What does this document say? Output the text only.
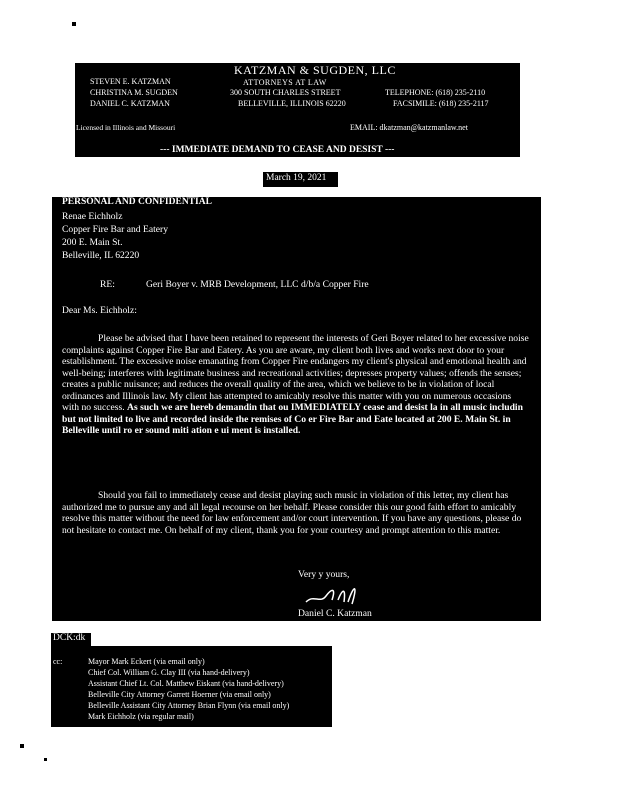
KATZMAN & SUGDEN, LLC
ATTORNEYS AT LAW
STEVEN E. KATZMAN
CHRISTINA M. SUGDEN
DANIEL C. KATZMAN
300 SOUTH CHARLES STREET
BELLEVILLE, ILLINOIS 62220
TELEPHONE: (618) 235-2110
FACSIMILE: (618) 235-2117
Licensed in Illinois and Missouri	EMAIL: dkatzman@katzmanlaw.net
--- IMMEDIATE DEMAND TO CEASE AND DESIST ---
March 19, 2021
PERSONAL AND CONFIDENTIAL
Renae Eichholz
Copper Fire Bar and Eatery
200 E. Main St.
Belleville, IL 62220
RE:	Geri Boyer v. MRB Development, LLC d/b/a Copper Fire
Dear Ms. Eichholz:

Please be advised that I have been retained to represent the interests of Geri Boyer related to her excessive noise complaints against Copper Fire Bar and Eatery. As you are aware, my client both lives and works next door to your establishment. The excessive noise emanating from Copper Fire endangers my client's physical and emotional health and well-being; interferes with legitimate business and recreational activities; depresses property values; offends the senses; creates a public nuisance; and reduces the overall quality of the area, which we believe to be in violation of local ordinances and Illinois law. My client has attempted to amicably resolve this matter with you on numerous occasions with no success. As such we are hereb demandin that ou IMMEDIATELY cease and desist la in all music includin but not limited to live and recorded inside the remises of Co er Fire Bar and Eate located at 200 E. Main St. in Belleville until ro er sound miti ation e ui ment is installed.

Should you fail to immediately cease and desist playing such music in violation of this letter, my client has authorized me to pursue any and all legal recourse on her behalf. Please consider this our good faith effort to amicably resolve this matter without the need for law enforcement and/or court intervention. If you have any questions, please do not hesitate to contact me. On behalf of my client, thank you for your courtesy and prompt attention to this matter.

Very y yours,
Daniel C. Katzman
DCK:dk
cc:	Mayor Mark Eckert (via email only)
Chief Col. William G. Clay III (via hand-delivery)
Assistant Chief Lt. Col. Matthew Eiskant (via hand-delivery)
Belleville City Attorney Garrett Hoerner (via email only)
Belleville Assistant City Attorney Brian Flynn (via email only)
Mark Eichholz (via regular mail)
